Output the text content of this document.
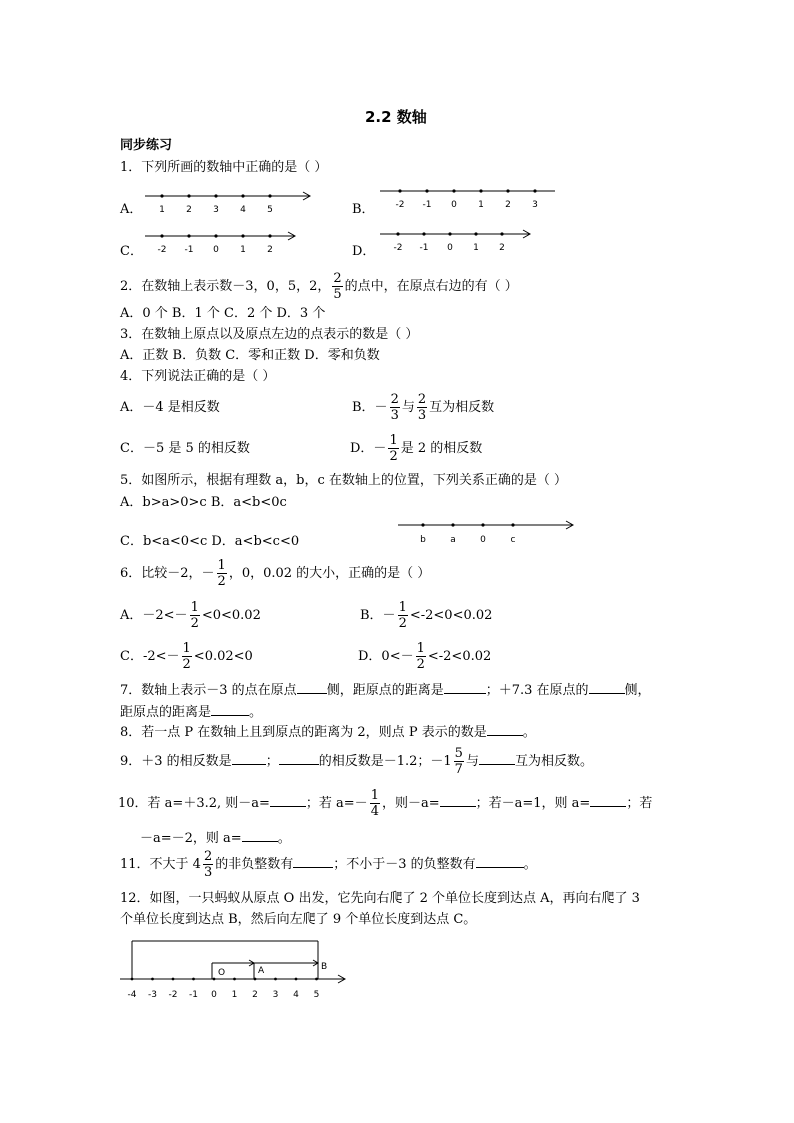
2.2 数轴
同步练习
1．下列所画的数轴中正确的是（ ）
A．	B．
C．	D．
1 2 3 4 5	-2 -1 0 1 2 3
-2 -1 0 1 2	-2 -1 0 1 2
2．在数轴上表示数－3，0，5，2， $\frac{2}{5}$ 的点中，在原点右边的有（ ）
A．0 个 B．1 个 C．2 个 D．3 个
3．在数轴上原点以及原点左边的点表示的数是（ ）
A．正数 B．负数 C．零和正数 D．零和负数
4．下列说法正确的是（ ）
A．－4 是相反数	B．－ $\frac{2}{3}$ 与 $\frac{2}{3}$ 互为相反数
C．－5 是 5 的相反数	D．－ $\frac{1}{2}$ 是 2 的相反数
5．如图所示，根据有理数 a，b，c 在数轴上的位置，下列关系正确的是（ ）
A．b>a>0>c B．a<b<0c
C．b<a<0<c D．a<b<c<0	b	a	0	c
6．比较－2，－ $\frac{1}{2}$ ，0，0.02 的大小，正确的是（ ）
A．$-2<- \frac{1}{2} <0<0.02$	B．－ $\frac{1}{2} <-2<0<0.02$
C．$-2<- \frac{1}{2} <0.02<0$	D．$0<- \frac{1}{2} <-2<0.02$
7．数轴上表示－3 的点在原点 侧，距原点的距离是	；＋7.3 在原点的	侧，
距原点的距离是	。
8．若一点 P 在数轴上且到原点的距离为 2，则点 P 表示的数是	。
9．＋3 的相反数是	；	的相反数是－1.2；$-1 \frac{5}{7}$ 与	互为相反数。
10．若 a=＋3.2, 则－a=	；若 $a=- \frac{1}{4}$ ，则－a=	；若－a=1，则 a=	；若
－a=－2，则 a=	。
11．不大于 $4 \frac{2}{3}$ 的非负整数有	；不小于－3 的负整数有	。
12．如图，一只蚂蚁从原点 O 出发，它先向右爬了 2 个单位长度到达点 A，再向右爬了 3
个单位长度到达点 B，然后向左爬了 9 个单位长度到达点 C。
O	A	B
-4 -3 -2 -1 0 1 2 3 4 5
